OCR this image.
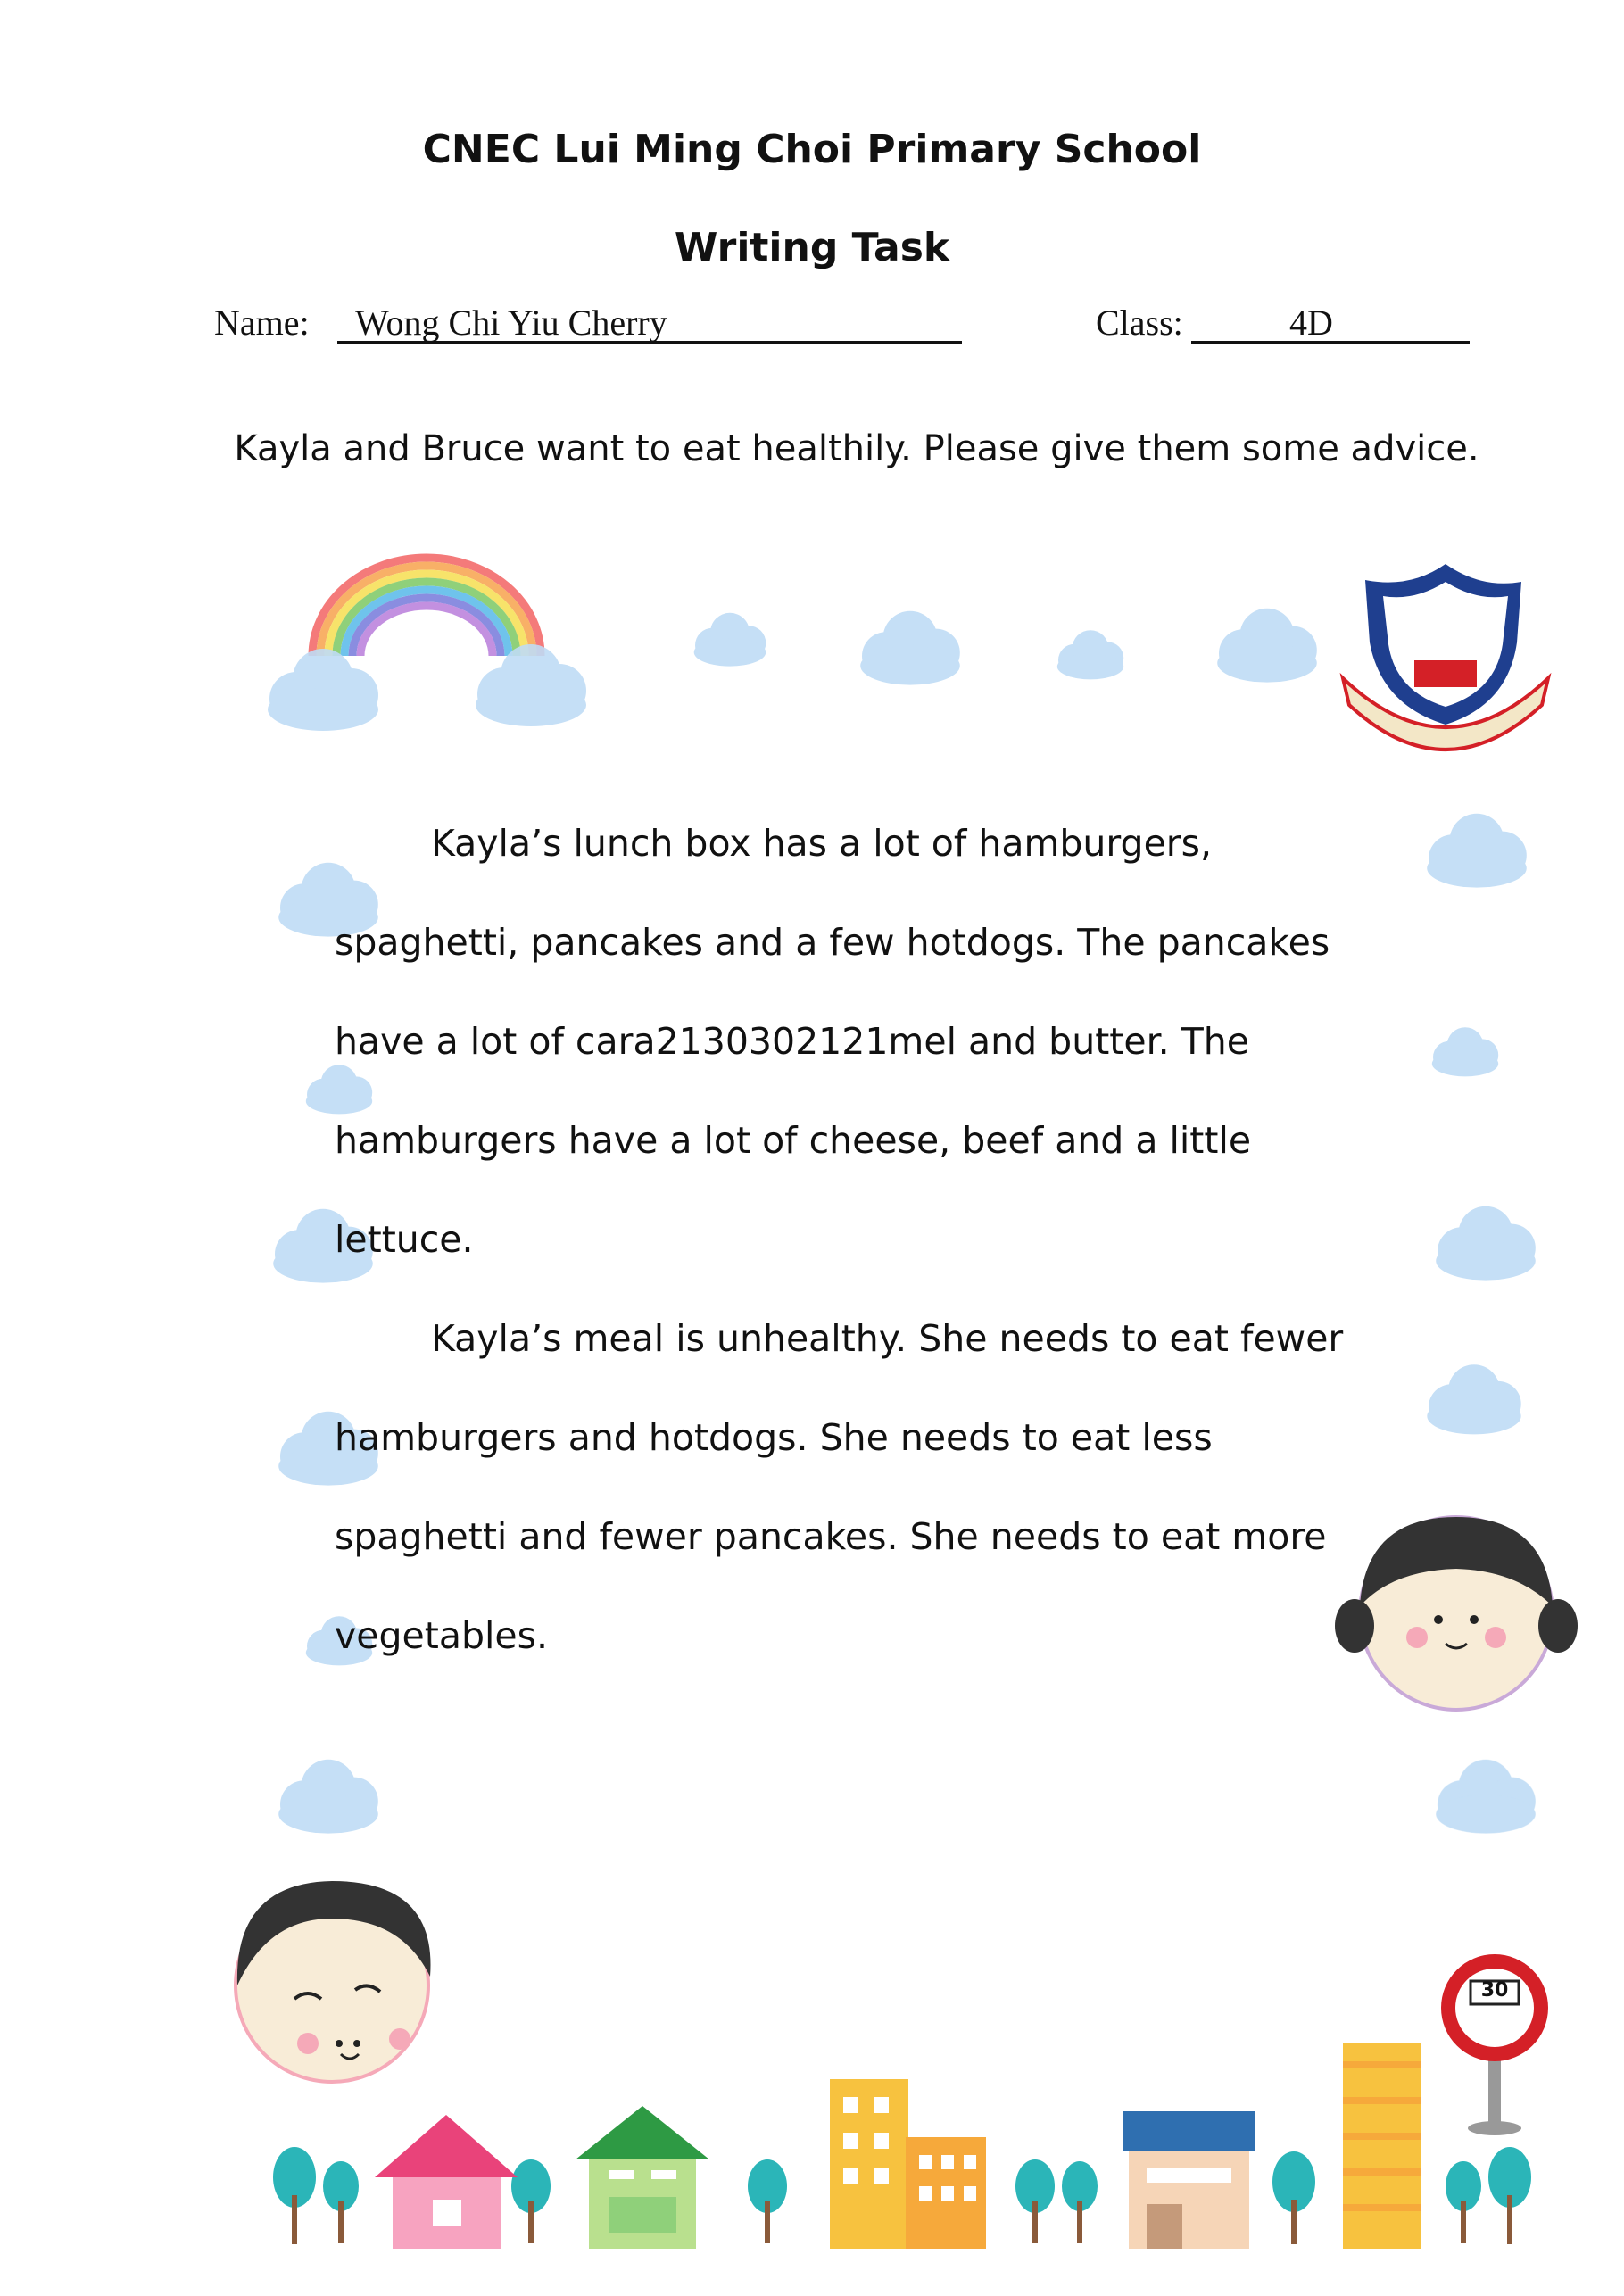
CNEC Lui Ming Choi Primary School
Writing Task
Name: Wong Chi Yiu Cherry	Class:	4D
Kayla and Bruce want to eat healthily. Please give them some advice.
30

Kayla’s lunch box has a lot of hamburgers, spaghetti, pancakes and a few hotdogs. The pancakes have a lot of cara2130302121mel and butter. The hamburgers have a lot of cheese, beef and a little lettuce.

Kayla’s meal is unhealthy. She needs to eat fewer hamburgers and hotdogs. She needs to eat less spaghetti and fewer pancakes. She needs to eat more vegetables.
